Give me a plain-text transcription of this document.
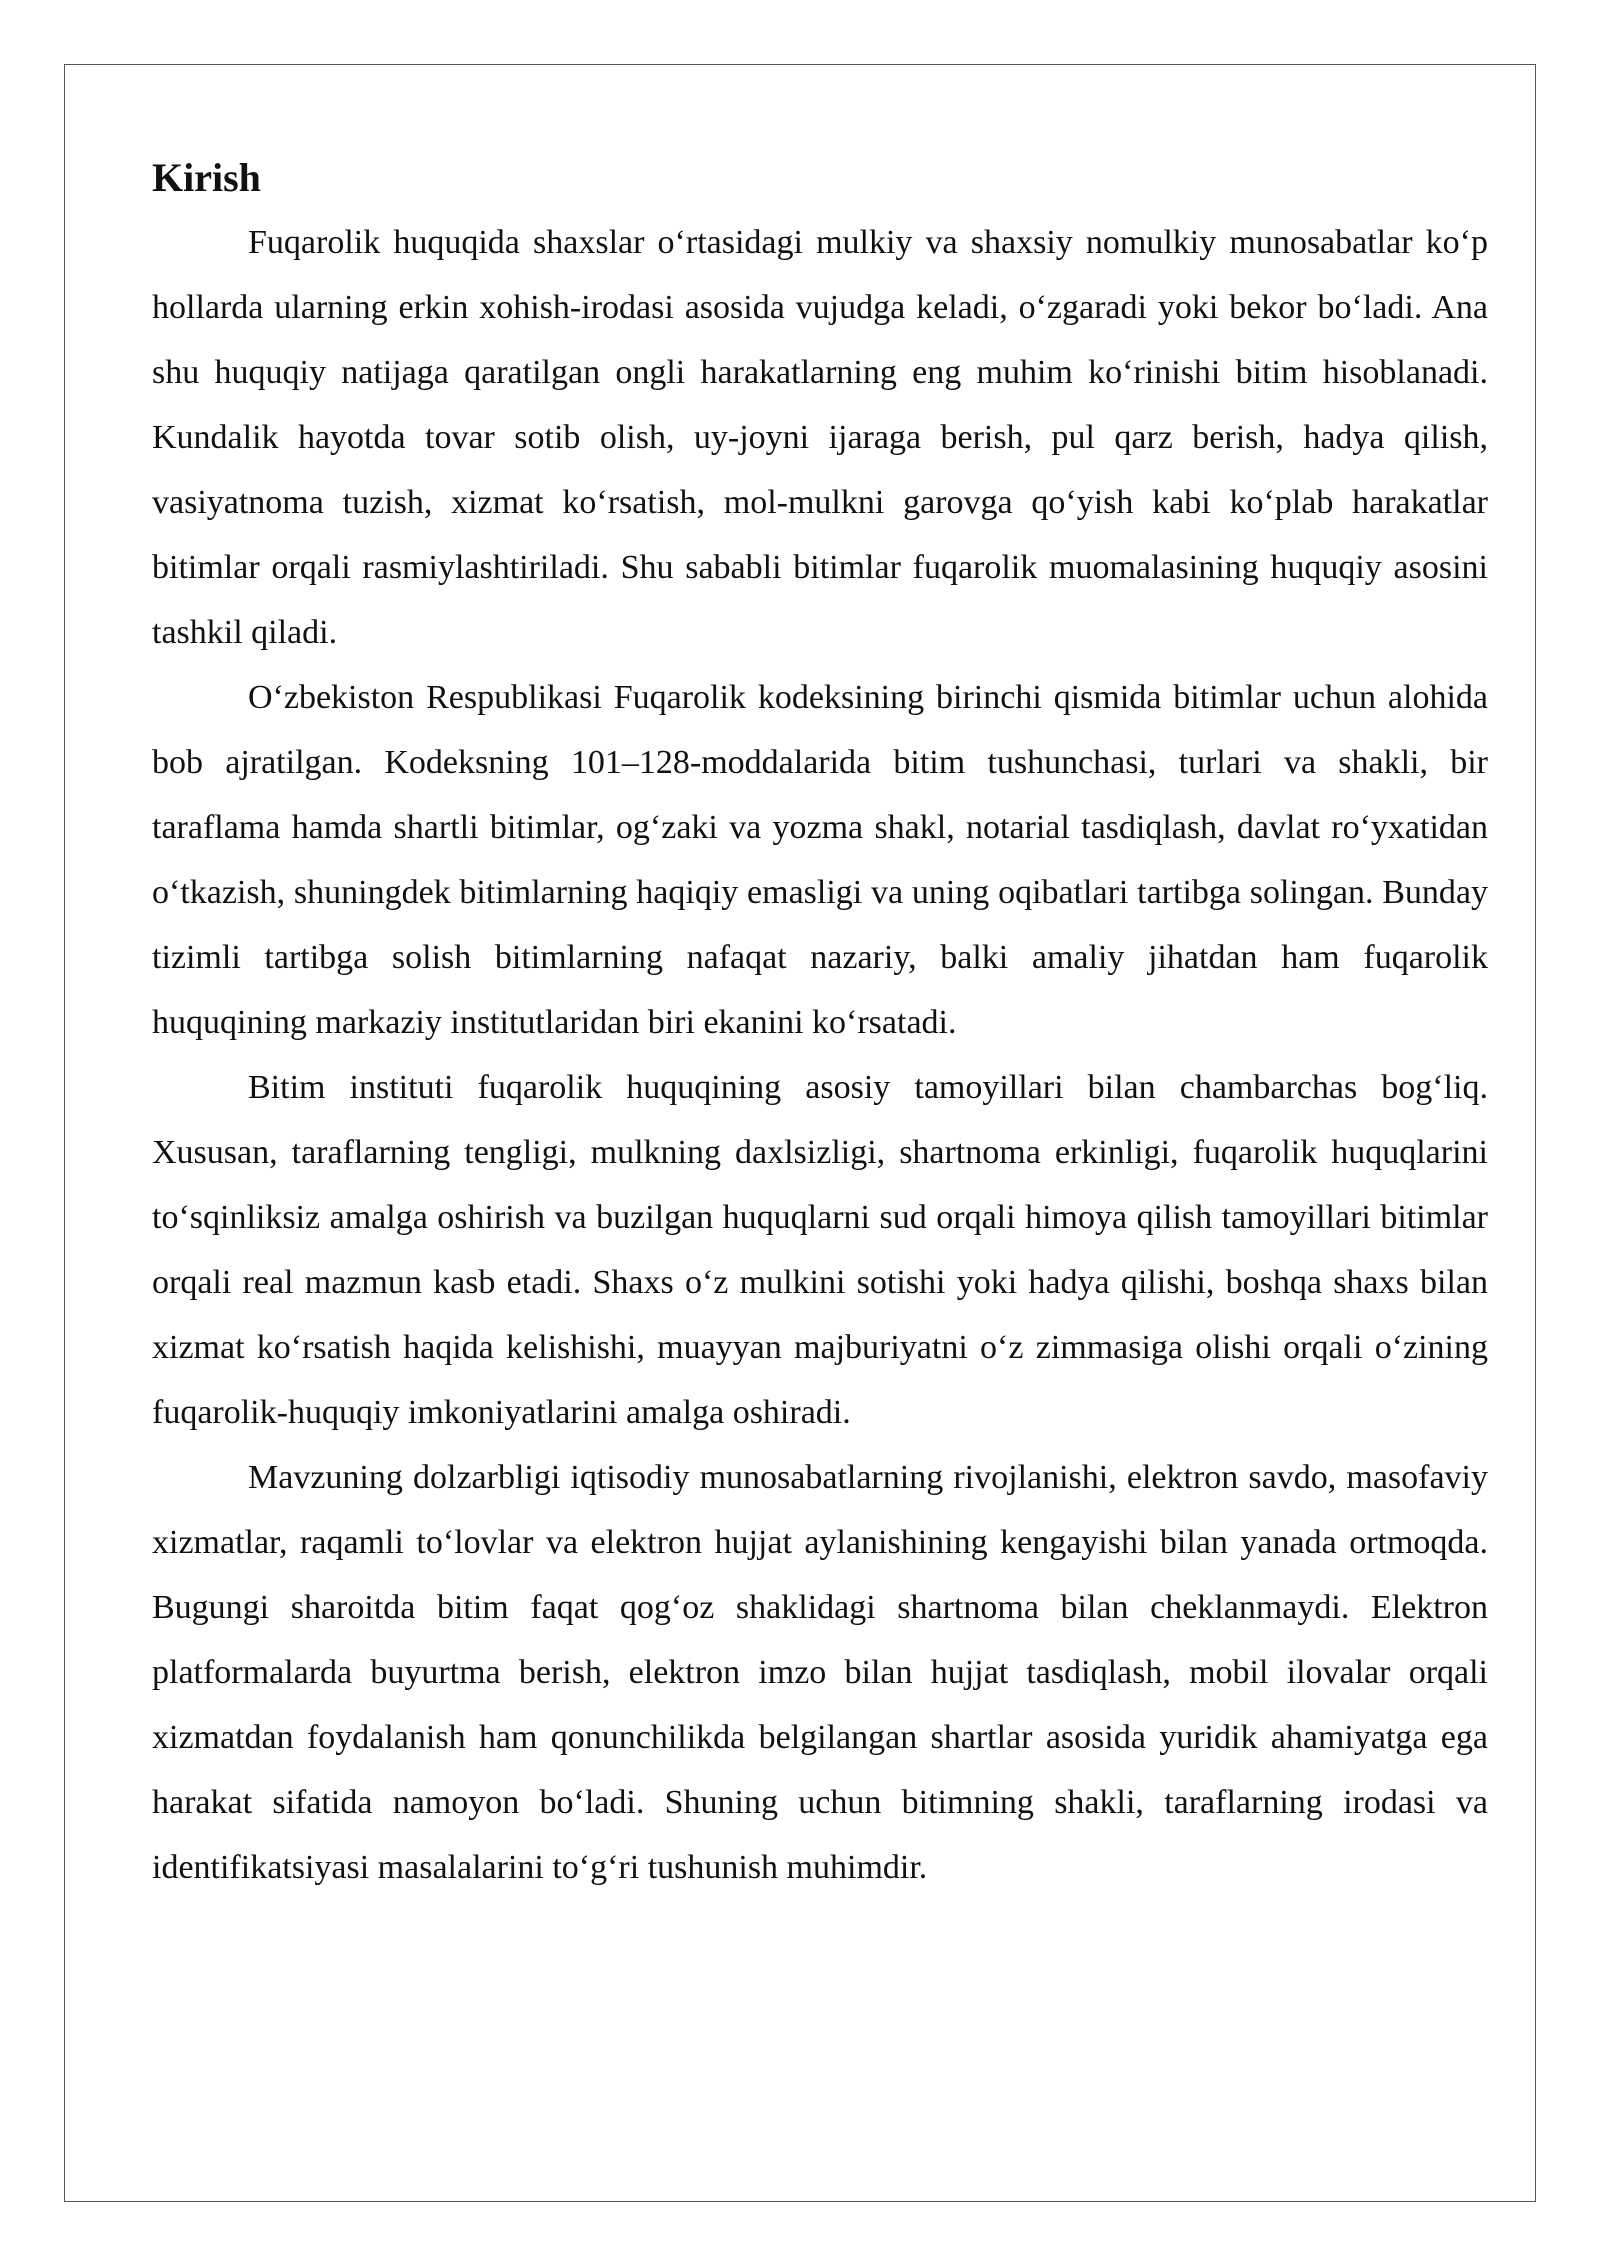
Kirish

Fuqarolik huquqida shaxslar o‘rtasidagi mulkiy va shaxsiy nomulkiy munosabatlar ko‘p hollarda ularning erkin xohish-irodasi asosida vujudga keladi, o‘zgaradi yoki bekor bo‘ladi. Ana shu huquqiy natijaga qaratilgan ongli harakatlarning eng muhim ko‘rinishi bitim hisoblanadi. Kundalik hayotda tovar sotib olish, uy-joyni ijaraga berish, pul qarz berish, hadya qilish, vasiyatnoma tuzish, xizmat ko‘rsatish, mol-mulkni garovga qo‘yish kabi ko‘plab harakatlar bitimlar orqali rasmiylashtiriladi. Shu sababli bitimlar fuqarolik muomalasining huquqiy asosini tashkil qiladi.

O‘zbekiston Respublikasi Fuqarolik kodeksining birinchi qismida bitimlar uchun alohida bob ajratilgan. Kodeksning 101–128-moddalarida bitim tushunchasi, turlari va shakli, bir taraflama hamda shartli bitimlar, og‘zaki va yozma shakl, notarial tasdiqlash, davlat ro‘yxatidan o‘tkazish, shuningdek bitimlarning haqiqiy emasligi va uning oqibatlari tartibga solingan. Bunday tizimli tartibga solish bitimlarning nafaqat nazariy, balki amaliy jihatdan ham fuqarolik huquqining markaziy institutlaridan biri ekanini ko‘rsatadi.

Bitim instituti fuqarolik huquqining asosiy tamoyillari bilan chambarchas bog‘liq. Xususan, taraflarning tengligi, mulkning daxlsizligi, shartnoma erkinligi, fuqarolik huquqlarini to‘sqinliksiz amalga oshirish va buzilgan huquqlarni sud orqali himoya qilish tamoyillari bitimlar orqali real mazmun kasb etadi. Shaxs o‘z mulkini sotishi yoki hadya qilishi, boshqa shaxs bilan xizmat ko‘rsatish haqida kelishishi, muayyan majburiyatni o‘z zimmasiga olishi orqali o‘zining fuqarolik-huquqiy imkoniyatlarini amalga oshiradi.

Mavzuning dolzarbligi iqtisodiy munosabatlarning rivojlanishi, elektron savdo, masofaviy xizmatlar, raqamli to‘lovlar va elektron hujjat aylanishining kengayishi bilan yanada ortmoqda. Bugungi sharoitda bitim faqat qog‘oz shaklidagi shartnoma bilan cheklanmaydi. Elektron platformalarda buyurtma berish, elektron imzo bilan hujjat tasdiqlash, mobil ilovalar orqali xizmatdan foydalanish ham qonunchilikda belgilangan shartlar asosida yuridik ahamiyatga ega harakat sifatida namoyon bo‘ladi. Shuning uchun bitimning shakli, taraflarning irodasi va identifikatsiyasi masalalarini to‘g‘ri tushunish muhimdir.
